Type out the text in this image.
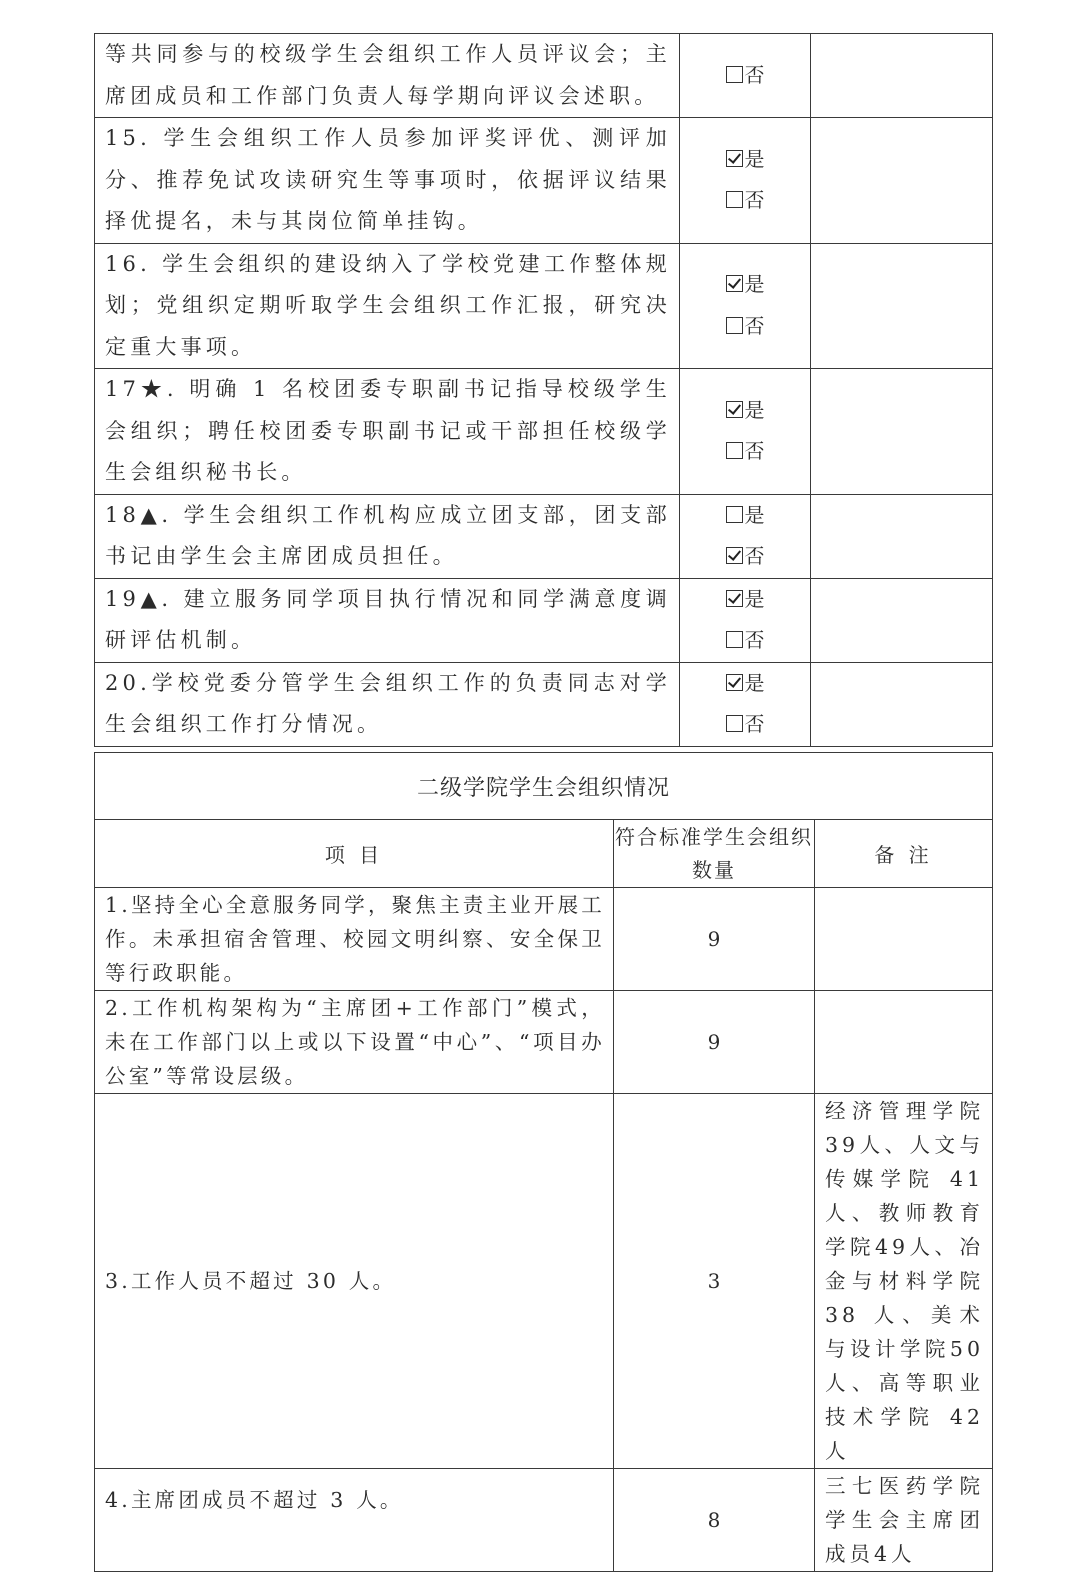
等共同参与的校级学生会组织工作人员评议会；主席团成员和工作部门负责人每学期向评议会述职。	否	

15. 学生会组织工作人员参加评奖评优、测评加分、推荐免试攻读研究生等事项时，依据评议结果择优提名，未与其岗位简单挂钩。	是
否	

16. 学生会组织的建设纳入了学校党建工作整体规划；党组织定期听取学生会组织工作汇报，研究决定重大事项。	是
否	

17★. 明确 1 名校团委专职副书记指导校级学生会组织；聘任校团委专职副书记或干部担任校级学生会组织秘书长。	是
否	

18▲. 学生会组织工作机构应成立团支部，团支部书记由学生会主席团成员担任。	是
否	

19▲. 建立服务同学项目执行情况和同学满意度调研评估机制。	是
否	

20.学校党委分管学生会组织工作的负责同志对学生会组织工作打分情况。	是
否	

二级学院学生会组织情况		
项 目	符合标准学生会组织数量	备 注
1.坚持全心全意服务同学，聚焦主责主业开展工作。未承担宿舍管理、校园文明纠察、安全保卫等行政职能。	9	
2.工作机构架构为“主席团+工作部门”模式，未在工作部门以上或以下设置“中心”、“项目办公室”等常设层级。	9	
3.工作人员不超过 30 人。	3	经济管理学院39人、人文与传媒学院 41 人、教师教育学院49人、冶金与材料学院 38 人、美术与设计学院50人、高等职业技术学院 42 人
4.主席团成员不超过 3 人。	8	三七医药学院学生会主席团成员4人
